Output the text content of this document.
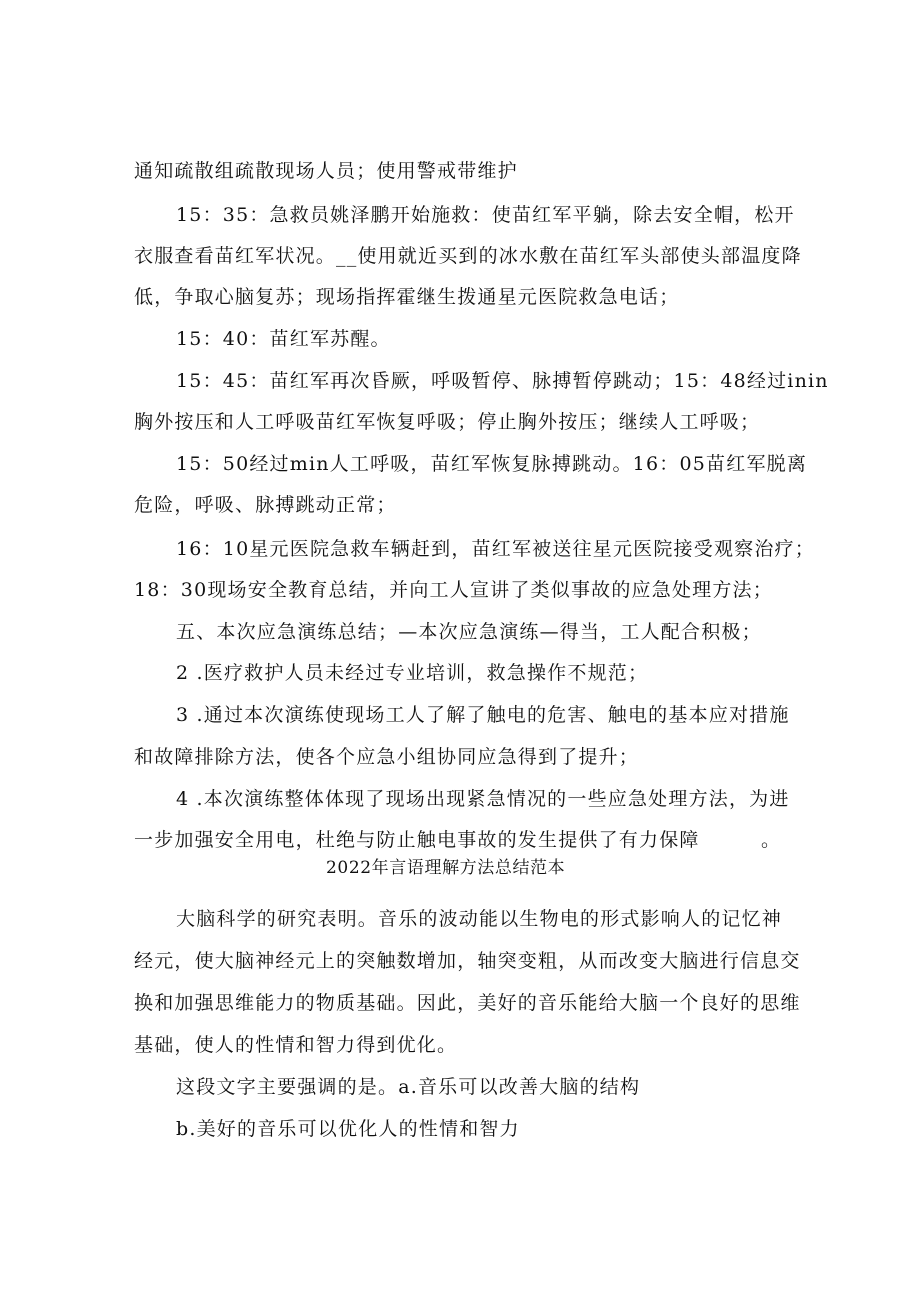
通知疏散组疏散现场人员；使用警戒带维护
15：35：急救员姚泽鹏开始施救：使苗红军平躺，除去安全帽，松开
衣服查看苗红军状况。__使用就近买到的冰水敷在苗红军头部使头部温度降
低，争取心脑复苏；现场指挥霍继生拨通星元医院救急电话；
15：40：苗红军苏醒。
15：45：苗红军再次昏厥，呼吸暂停、脉搏暂停跳动；15：48经过inin
胸外按压和人工呼吸苗红军恢复呼吸；停止胸外按压；继续人工呼吸；
15：50经过min人工呼吸，苗红军恢复脉搏跳动。16：05苗红军脱离
危险，呼吸、脉搏跳动正常；
16：10星元医院急救车辆赶到，苗红军被送往星元医院接受观察治疗；
18：30现场安全教育总结，并向工人宣讲了类似事故的应急处理方法；
五、本次应急演练总结；—本次应急演练—得当，工人配合积极；
2 .医疗救护人员未经过专业培训，救急操作不规范；
3 .通过本次演练使现场工人了解了触电的危害、触电的基本应对措施
和故障排除方法，使各个应急小组协同应急得到了提升；
4 .本次演练整体体现了现场出现紧急情况的一些应急处理方法，为进
一步加强安全用电，杜绝与防止触电事故的发生提供了有力保障	。
2022年言语理解方法总结范本
大脑科学的研究表明。音乐的波动能以生物电的形式影响人的记忆神
经元，使大脑神经元上的突触数增加，轴突变粗，从而改变大脑进行信息交
换和加强思维能力的物质基础。因此，美好的音乐能给大脑一个良好的思维
基础，使人的性情和智力得到优化。
这段文字主要强调的是。a.音乐可以改善大脑的结构
b.美好的音乐可以优化人的性情和智力
